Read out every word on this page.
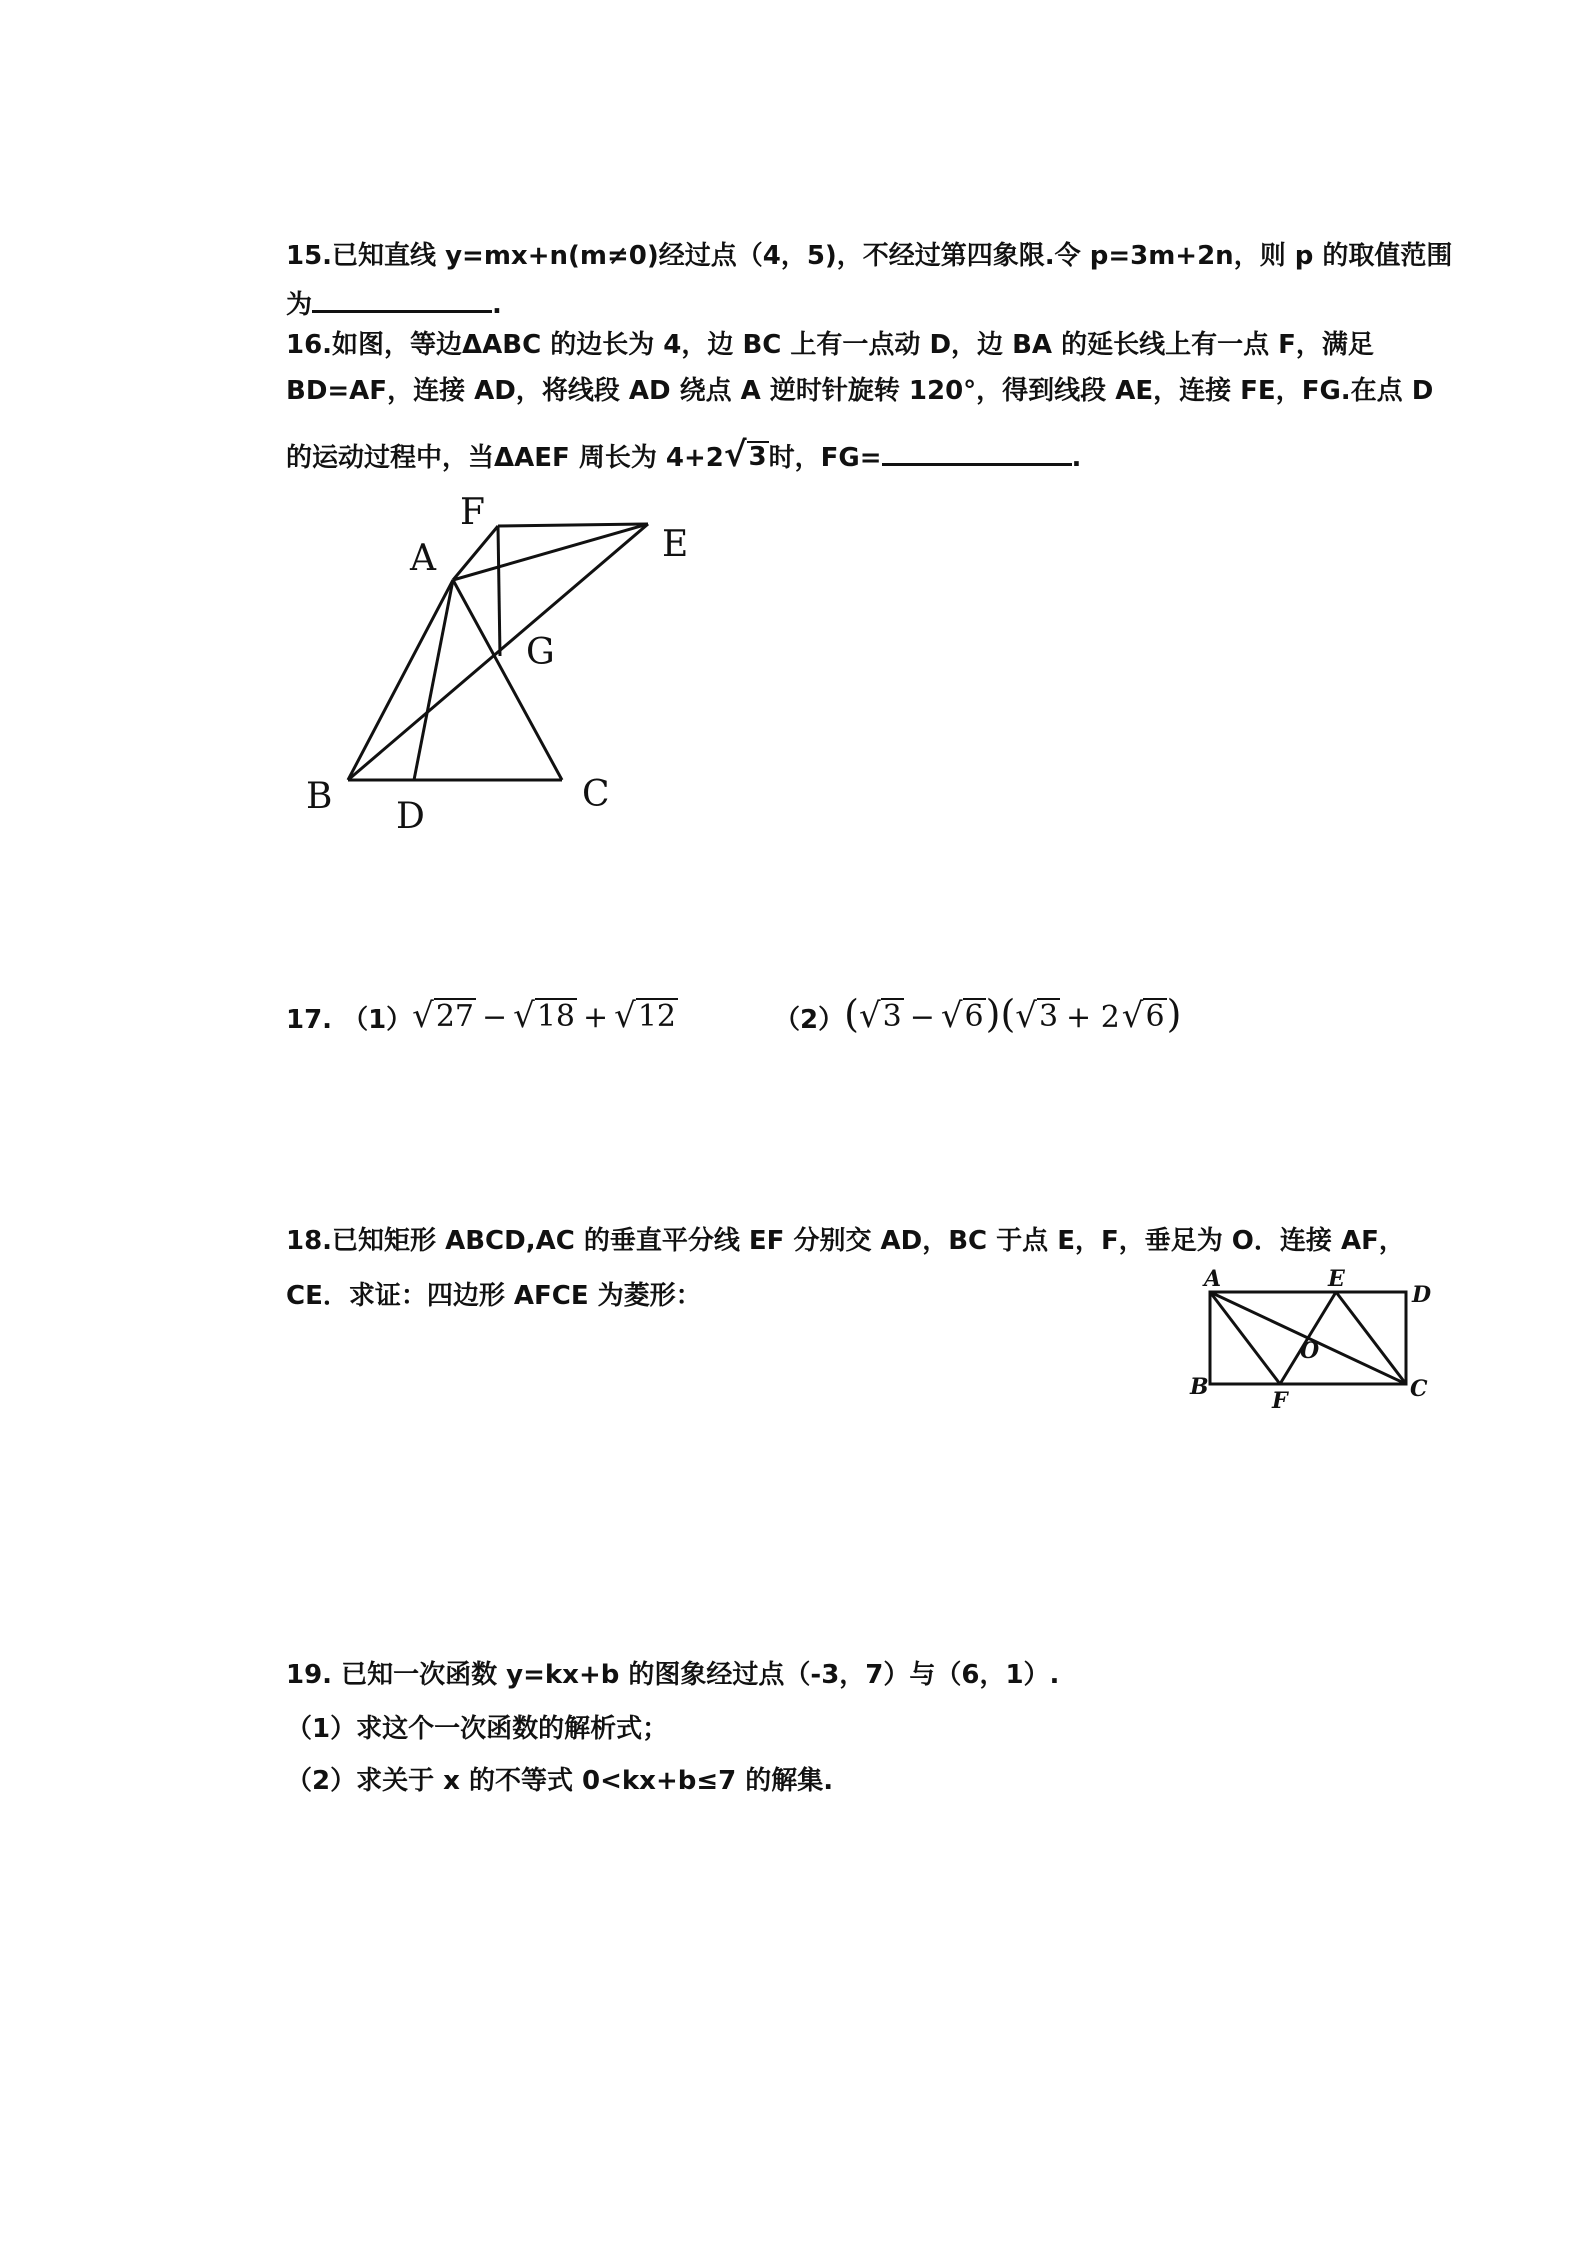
15.已知直线 y=mx+n(m≠0)经过点（4，5)，不经过第四象限.令 p=3m+2n，则 p 的取值范围
为	.
16.如图，等边ΔABC 的边长为 4，边 BC 上有一点动 D，边 BA 的延长线上有一点 F，满足
BD=AF，连接 AD，将线段 AD 绕点 A 逆时针旋转 120°，得到线段 AE，连接 FE，FG.在点 D
的运动过程中，当ΔAEF 周长为 4+2 √ 3 时，FG=	.
F
A	E
G
B D
C
17. （1） √ 27 − √ 18 + √ 12	（2） ( √ 3 − √ 6 ) ( √ 3 + 2 √ 6 )
18.已知矩形 ABCD,AC 的垂直平分线 EF 分别交 AD，BC 于点 E，F，垂足为 O．连接 AF，
CE．求证：四边形 AFCE 为菱形：
A	E
D
O
B
F	C
19. 已知一次函数 y=kx+b 的图象经过点（-3，7）与（6，1）.
（1）求这个一次函数的解析式；
（2）求关于 x 的不等式 0<kx+b≤7 的解集.
